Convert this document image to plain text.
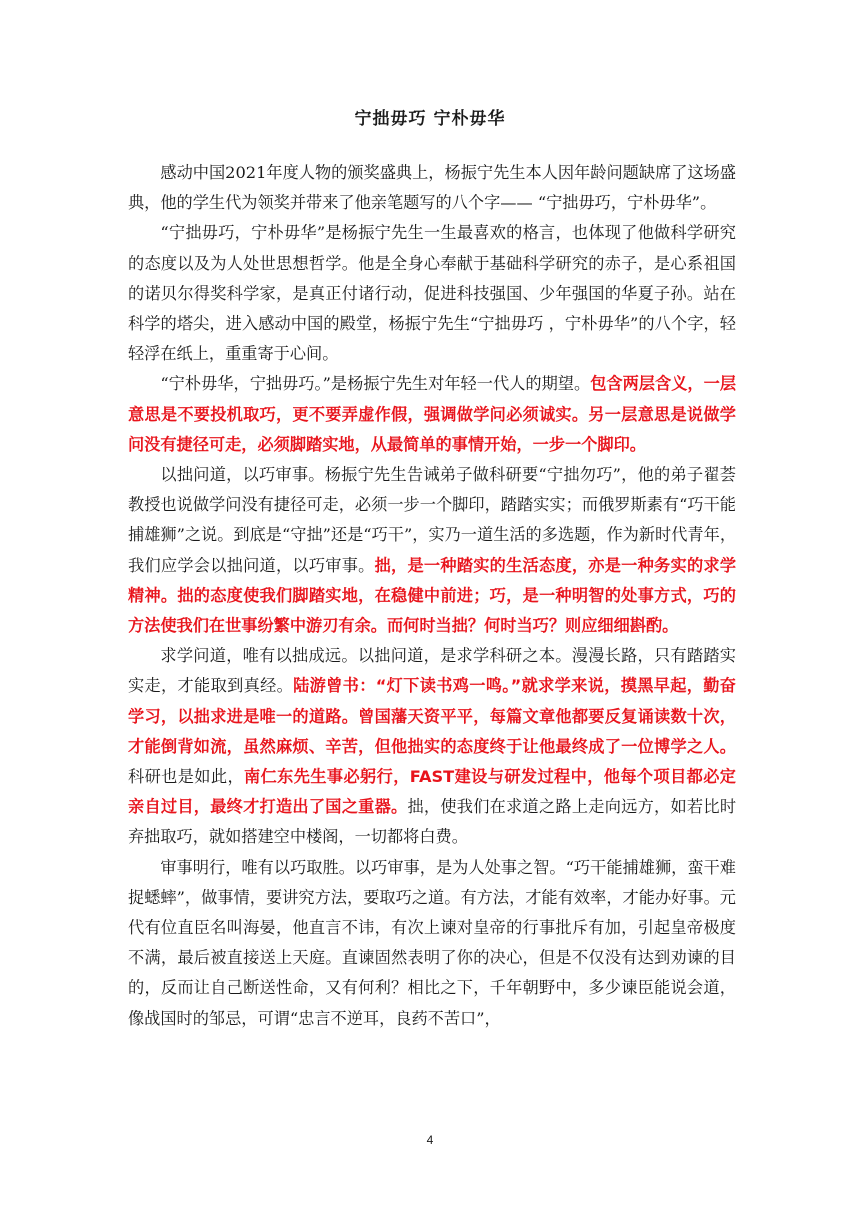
宁拙毋巧 宁朴毋华

感动中国2021年度人物的颁奖盛典上，杨振宁先生本人因年龄问题缺席了这场盛典，他的学生代为领奖并带来了他亲笔题写的八个字—— “宁拙毋巧，宁朴毋华”。

“宁拙毋巧，宁朴毋华”是杨振宁先生一生最喜欢的格言，也体现了他做科学研究的态度以及为人处世思想哲学。他是全身心奉献于基础科学研究的赤子，是心系祖国的诺贝尔得奖科学家，是真正付诸行动，促进科技强国、少年强国的华夏子孙。站在科学的塔尖，进入感动中国的殿堂，杨振宁先生“宁拙毋巧 ，宁朴毋华”的八个字，轻轻浮在纸上，重重寄于心间。

“宁朴毋华，宁拙毋巧。”是杨振宁先生对年轻一代人的期望。包含两层含义，一层意思是不要投机取巧，更不要弄虚作假，强调做学问必须诚实。另一层意思是说做学问没有捷径可走，必须脚踏实地，从最简单的事情开始，一步一个脚印。

以拙问道，以巧审事。杨振宁先生告诫弟子做科研要“宁拙勿巧”，他的弟子翟荟教授也说做学问没有捷径可走，必须一步一个脚印，踏踏实实；而俄罗斯素有“巧干能捕雄狮”之说。到底是“守拙”还是“巧干”，实乃一道生活的多选题，作为新时代青年，我们应学会以拙问道，以巧审事。拙，是一种踏实的生活态度，亦是一种务实的求学精神。拙的态度使我们脚踏实地，在稳健中前进；巧，是一种明智的处事方式，巧的方法使我们在世事纷繁中游刃有余。而何时当拙？何时当巧？则应细细斟酌。

求学问道，唯有以拙成远。以拙问道，是求学科研之本。漫漫长路，只有踏踏实实走，才能取到真经。陆游曾书：“灯下读书鸡一鸣。”就求学来说，摸黑早起，勤奋学习，以拙求进是唯一的道路。曾国藩天资平平，每篇文章他都要反复诵读数十次，才能倒背如流，虽然麻烦、辛苦，但他拙实的态度终于让他最终成了一位博学之人。科研也是如此，南仁东先生事必躬行，FAST建设与研发过程中，他每个项目都必定亲自过目，最终才打造出了国之重器。拙，使我们在求道之路上走向远方，如若比时弃拙取巧，就如搭建空中楼阁，一切都将白费。

审事明行，唯有以巧取胜。以巧审事，是为人处事之智。“巧干能捕雄狮，蛮干难捉蟋蟀”，做事情，要讲究方法，要取巧之道。有方法，才能有效率，才能办好事。元代有位直臣名叫海晏，他直言不讳，有次上谏对皇帝的行事批斥有加，引起皇帝极度不满，最后被直接送上天庭。直谏固然表明了你的决心，但是不仅没有达到劝谏的目的，反而让自己断送性命，又有何利？相比之下，千年朝野中，多少谏臣能说会道，像战国时的邹忌，可谓“忠言不逆耳，良药不苦口”，

4
